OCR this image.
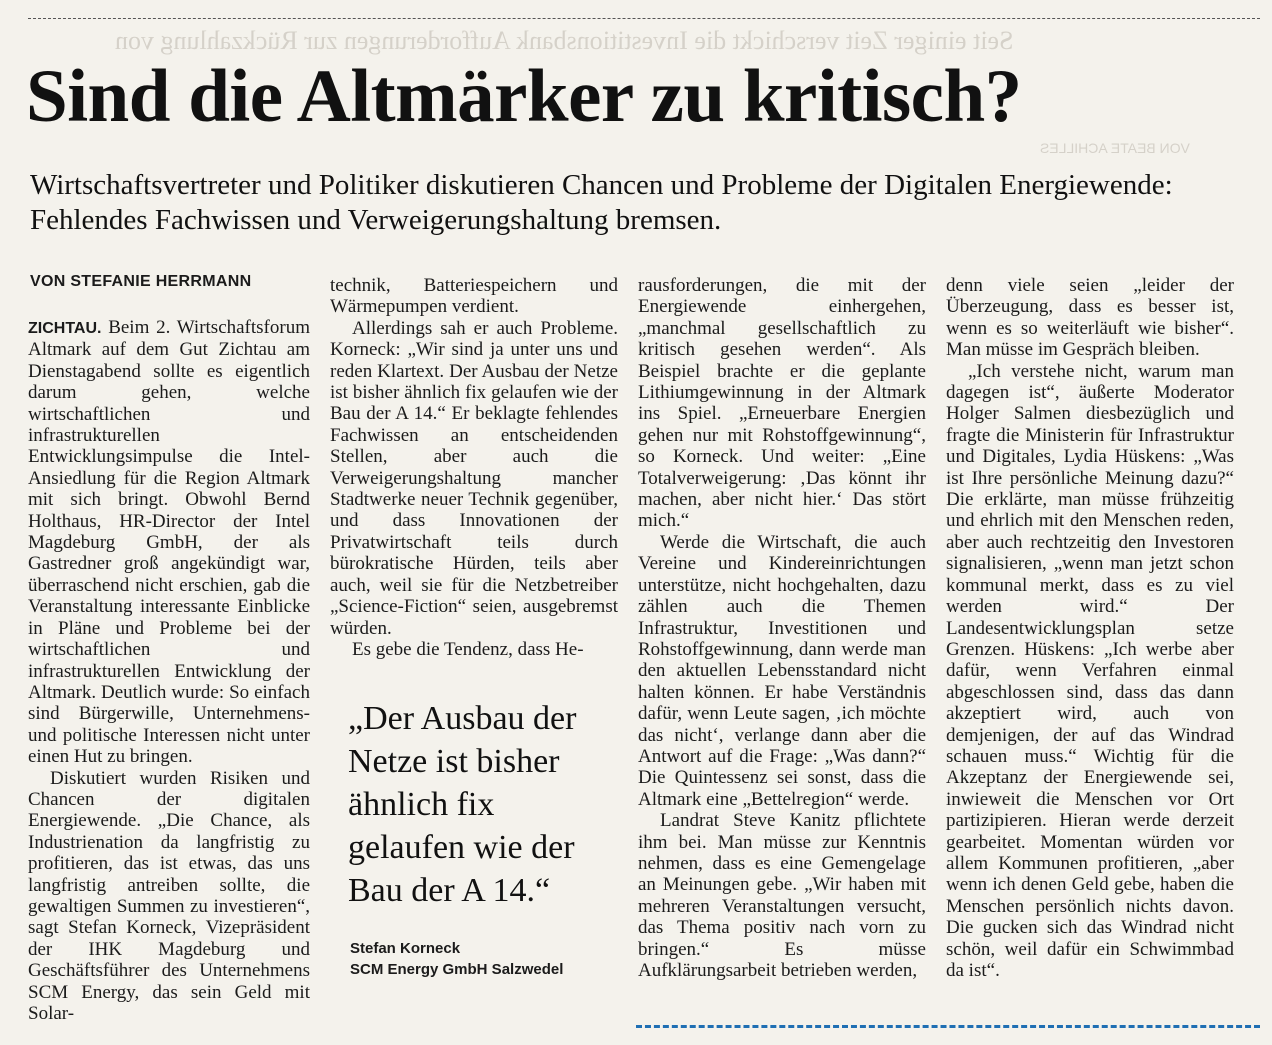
Seit einiger Zeit verschickt die Investitionsbank Aufforderungen zur Rückzahlung von
VON BEATE ACHILLES
Sind die Altmärker zu kritisch?
Wirtschaftsvertreter und Politiker diskutieren Chancen und Probleme der Digitalen Energiewende: Fehlendes Fachwissen und Verweigerungshaltung bremsen.
VON STEFANIE HERRMANN

ZICHTAU. Beim 2. Wirtschaftsforum Altmark auf dem Gut Zichtau am Dienstagabend sollte es eigentlich darum gehen, welche wirtschaftlichen und infrastrukturellen Entwicklungsimpulse die Intel-Ansiedlung für die Region Altmark mit sich bringt. Obwohl Bernd Holthaus, HR-Director der Intel Magdeburg GmbH, der als Gastredner groß angekündigt war, überraschend nicht erschien, gab die Veranstaltung interessante Einblicke in Pläne und Probleme bei der wirtschaftlichen und infrastrukturellen Entwicklung der Altmark. Deutlich wurde: So einfach sind Bürgerwille, Unternehmens- und politische Interessen nicht unter einen Hut zu bringen.

Diskutiert wurden Risiken und Chancen der digitalen Energiewende. „Die Chance, als Industrienation da langfristig zu profitieren, das ist etwas, das uns langfristig antreiben sollte, die gewaltigen Summen zu investieren“, sagt Stefan Korneck, Vizepräsident der IHK Magdeburg und Geschäftsführer des Unternehmens SCM Energy, das sein Geld mit Solar-

technik, Batteriespeichern und Wärmepumpen verdient.

Allerdings sah er auch Probleme. Korneck: „Wir sind ja unter uns und reden Klartext. Der Ausbau der Netze ist bisher ähnlich fix gelaufen wie der Bau der A 14.“ Er beklagte fehlendes Fachwissen an entscheidenden Stellen, aber auch die Verweigerungshaltung mancher Stadtwerke neuer Technik gegenüber, und dass Innovationen der Privatwirtschaft teils durch bürokratische Hürden, teils aber auch, weil sie für die Netzbetreiber „Science-Fiction“ seien, ausgebremst würden.

Es gebe die Tendenz, dass He-

„Der Ausbau der Netze ist bisher ähnlich fix gelaufen wie der Bau der A 14.“
Stefan Korneck
SCM Energy GmbH Salzwedel

rausforderungen, die mit der Energiewende einhergehen, „manchmal gesellschaftlich zu kritisch gesehen werden“. Als Beispiel brachte er die geplante Lithiumgewinnung in der Altmark ins Spiel. „Erneuerbare Energien gehen nur mit Rohstoffgewinnung“, so Korneck. Und weiter: „Eine Totalverweigerung: ‚Das könnt ihr machen, aber nicht hier.‘ Das stört mich.“

Werde die Wirtschaft, die auch Vereine und Kindereinrichtungen unterstütze, nicht hochgehalten, dazu zählen auch die Themen Infrastruktur, Investitionen und Rohstoffgewinnung, dann werde man den aktuellen Lebensstandard nicht halten können. Er habe Verständnis dafür, wenn Leute sagen, ‚ich möchte das nicht‘, verlange dann aber die Antwort auf die Frage: „Was dann?“ Die Quintessenz sei sonst, dass die Altmark eine „Bettelregion“ werde.

Landrat Steve Kanitz pflichtete ihm bei. Man müsse zur Kenntnis nehmen, dass es eine Gemengelage an Meinungen gebe. „Wir haben mit mehreren Veranstaltungen versucht, das Thema positiv nach vorn zu bringen.“ Es müsse Aufklärungsarbeit betrieben werden,

denn viele seien „leider der Überzeugung, dass es besser ist, wenn es so weiterläuft wie bisher“. Man müsse im Gespräch bleiben.

„Ich verstehe nicht, warum man dagegen ist“, äußerte Moderator Holger Salmen diesbezüglich und fragte die Ministerin für Infrastruktur und Digitales, Lydia Hüskens: „Was ist Ihre persönliche Meinung dazu?“ Die erklärte, man müsse frühzeitig und ehrlich mit den Menschen reden, aber auch rechtzeitig den Investoren signalisieren, „wenn man jetzt schon kommunal merkt, dass es zu viel werden wird.“ Der Landesentwicklungsplan setze Grenzen. Hüskens: „Ich werbe aber dafür, wenn Verfahren einmal abgeschlossen sind, dass das dann akzeptiert wird, auch von demjenigen, der auf das Windrad schauen muss.“ Wichtig für die Akzeptanz der Energiewende sei, inwieweit die Menschen vor Ort partizipieren. Hieran werde derzeit gearbeitet. Momentan würden vor allem Kommunen profitieren, „aber wenn ich denen Geld gebe, haben die Menschen persönlich nichts davon. Die gucken sich das Windrad nicht schön, weil dafür ein Schwimmbad da ist“.
